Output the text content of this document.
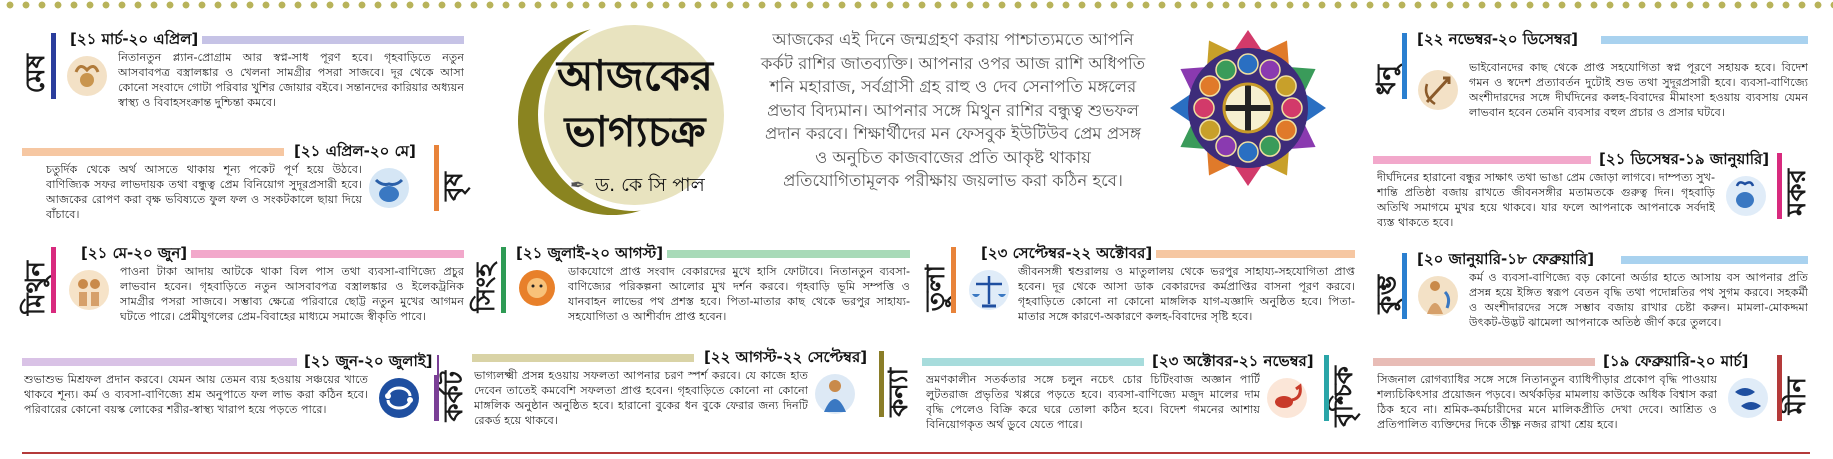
মেষ
[২১ মার্চ-২০ এপ্রিল]
নিতানতুন প্ল্যান-প্রোগ্রাম আর স্বপ্ন-সাধ পূরণ হবে। গৃহবাড়িতে নতুন আসবাবপত্র বস্ত্রালঙ্কার ও খেলনা সামগ্রীর পসরা সাজবে। দূর থেকে আসা কোনো সংবাদে গোটা পরিবার খুশির জোয়ার বইবে। সন্তানদের কারিয়ার অধ্যয়ন স্বাস্থ্য ও বিবাহসংক্রান্ত দুশ্চিন্তা কমবে।
বৃষ
[২১ এপ্রিল-২০ মে]
চতুর্দিক থেকে অর্থ আসতে থাকায় শূন্য পকেট পূর্ণ হয়ে উঠবে। বাণিজ্যিক সফর লাভদায়ক তথা বন্ধুত্ব প্রেম বিনিয়োগ সুদূরপ্রসারী হবে। আজকের রোপণ করা বৃক্ষ ভবিষ্যতে ফুল ফল ও সংকটকালে ছায়া দিয়ে বাঁচাবে।
মিথুন
[২১ মে-২০ জুন]
পাওনা টাকা আদায় আটকে থাকা বিল পাস তথা ব্যবসা-বাণিজ্যে প্রচুর লাভবান হবেন। গৃহবাড়িতে নতুন আসবাবপত্র বস্ত্রালঙ্কার ও ইলেকট্রনিক সামগ্রীর পসরা সাজবে। সম্ভাব্য ক্ষেত্রে পরিবারে ছোট্ট নতুন মুখের আগমন ঘটতে পারে। প্রেমীযুগলের প্রেম-বিবাহের মাধ্যমে সমাজে স্বীকৃতি পাবে।
কর্কট
[২১ জুন-২০ জুলাই]
শুভাশুভ মিশ্রফল প্রদান করবে। যেমন আয় তেমন ব্যয় হওয়ায় সঞ্চয়ের খাতে থাকবে শূন্য। কর্ম ও ব্যবসা-বাণিজ্যে শ্রম অনুপাতে ফল লাভ করা কঠিন হবে। পরিবারের কোনো বয়স্ক লোকের শরীর-স্বাস্থ্য খারাপ হয়ে পড়তে পারে।
আজকের
ভাগ্যচক্র
✒ ড. কে সি পাল
আজকের এই দিনে জন্মগ্রহণ করায় পাশ্চাত্যমতে আপনি কর্কট রাশির জাতব্যক্তি। আপনার ওপর আজ রাশি অধিপতি শনি মহারাজ, সর্বগ্রাসী গ্রহ রাহু ও দেব সেনাপতি মঙ্গলের প্রভাব বিদ্যমান। আপনার সঙ্গে মিথুন রাশির বন্ধুত্ব শুভফল প্রদান করবে। শিক্ষার্থীদের মন ফেসবুক ইউটিউব প্রেম প্রসঙ্গ ও অনুচিত কাজবাজের প্রতি আকৃষ্ট থাকায় প্রতিযোগিতামূলক পরীক্ষায় জয়লাভ করা কঠিন হবে।
সিংহ
[২১ জুলাই-২০ আগস্ট]
ডাকযোগে প্রাপ্ত সংবাদ বেকারদের মুখে হাসি ফোটাবে। নিতানতুন ব্যবসা-বাণিজ্যের পরিকল্পনা আলোর মুখ দর্শন করবে। গৃহবাড়ি ভূমি সম্পত্তি ও যানবাহন লাভের পথ প্রশস্ত হবে। পিতা-মাতার কাছ থেকে ভরপুর সাহায্য-সহযোগিতা ও আশীর্বাদ প্রাপ্ত হবেন।
কন্যা
[২২ আগস্ট-২২ সেপ্টেম্বর]
ভাগ্যলক্ষ্মী প্রসন্ন হওয়ায় সফলতা আপনার চরণ স্পর্শ করবে। যে কাজে হাত দেবেন তাতেই কমবেশি সফলতা প্রাপ্ত হবেন। গৃহবাড়িতে কোনো না কোনো মাঙ্গলিক অনুষ্ঠান অনুষ্ঠিত হবে। হারানো বুকের ধন বুকে ফেরার জন্য দিনটি রেকর্ড হয়ে থাকবে।
তুলা
[২৩ সেপ্টেম্বর-২২ অক্টোবর]
জীবনসঙ্গী শ্বশুরালয় ও মাতুলালয় থেকে ভরপুর সাহায্য-সহযোগিতা প্রাপ্ত হবেন। দূর থেকে আসা ডাক বেকারদের কর্মপ্রাপ্তির বাসনা পূরণ করবে। গৃহবাড়িতে কোনো না কোনো মাঙ্গলিক যাগ-যজ্ঞাদি অনুষ্ঠিত হবে। পিতা-মাতার সঙ্গে কারণে-অকারণে কলহ-বিবাদের সৃষ্টি হবে।
বৃশ্চিক
[২৩ অক্টোবর-২১ নভেম্বর]
ভ্রমণকালীন সতর্কতার সঙ্গে চলুন নচেৎ চোর চিটিংবাজ অজ্ঞান পার্টি লুটতরাজ প্রভৃতির খপ্পরে পড়তে হবে। ব্যবসা-বাণিজ্যে মজুদ মালের দাম বৃদ্ধি পেলেও বিক্রি করে ঘরে তোলা কঠিন হবে। বিদেশ গমনের আশায় বিনিয়োগকৃত অর্থ ডুবে যেতে পারে।
ধনু
[২২ নভেম্বর-২০ ডিসেম্বর]
ভাইবোনদের কাছ থেকে প্রাপ্ত সহযোগিতা স্বপ্ন পূরণে সহায়ক হবে। বিদেশ গমন ও স্বদেশ প্রত্যাবর্তন দুটোই শুভ তথা সুদূরপ্রসারী হবে। ব্যবসা-বাণিজ্যে অংশীদারদের সঙ্গে দীর্ঘদিনের কলহ-বিবাদের মীমাংসা হওয়ায় ব্যবসায় যেমন লাভবান হবেন তেমনি ব্যবসার বহুল প্রচার ও প্রসার ঘটবে।
মকর
[২১ ডিসেম্বর-১৯ জানুয়ারি]
দীর্ঘদিনের হারানো বন্ধুর সাক্ষাৎ তথা ভাঙা প্রেম জোড়া লাগবে। দাম্পত্য সুখ-শান্তি প্রতিষ্ঠা বজায় রাখতে জীবনসঙ্গীর মতামতকে গুরুত্ব দিন। গৃহবাড়ি অতিথি সমাগমে মুখর হয়ে থাকবে। যার ফলে আপনাকে আপনাকে সর্বদাই ব্যস্ত থাকতে হবে।
কুম্ভ
[২০ জানুয়ারি-১৮ ফেব্রুয়ারি]
কর্ম ও ব্যবসা-বাণিজ্যে বড় কোনো অর্ডার হাতে আসায় বস আপনার প্রতি প্রসন্ন হয়ে ইঙ্গিত স্বরূপ বেতন বৃদ্ধি তথা পদোন্নতির পথ সুগম করবে। সহকর্মী ও অংশীদারদের সঙ্গে সম্ভাব বজায় রাখার চেষ্টা করুন। মামলা-মোকদ্দমা উৎকট-উদ্ভট ঝামেলা আপনাকে অতিষ্ঠ জীর্ণ করে তুলবে।
মীন
[১৯ ফেব্রুয়ারি-২০ মার্চ]
সিজনাল রোগব্যাধির সঙ্গে সঙ্গে নিতানতুন ব্যাধিপীড়ার প্রকোপ বৃদ্ধি পাওয়ায় শল্যচিকিৎসার প্রয়োজন পড়বে। অর্থকড়ির মামলায় কাউকে অধিক বিশ্বাস করা ঠিক হবে না। শ্রমিক-কর্মচারীদের মনে মালিকপ্রীতি দেখা দেবে। আশ্রিত ও প্রতিপালিত ব্যক্তিদের দিকে তীক্ষ্ণ নজর রাখা শ্রেয় হবে।
